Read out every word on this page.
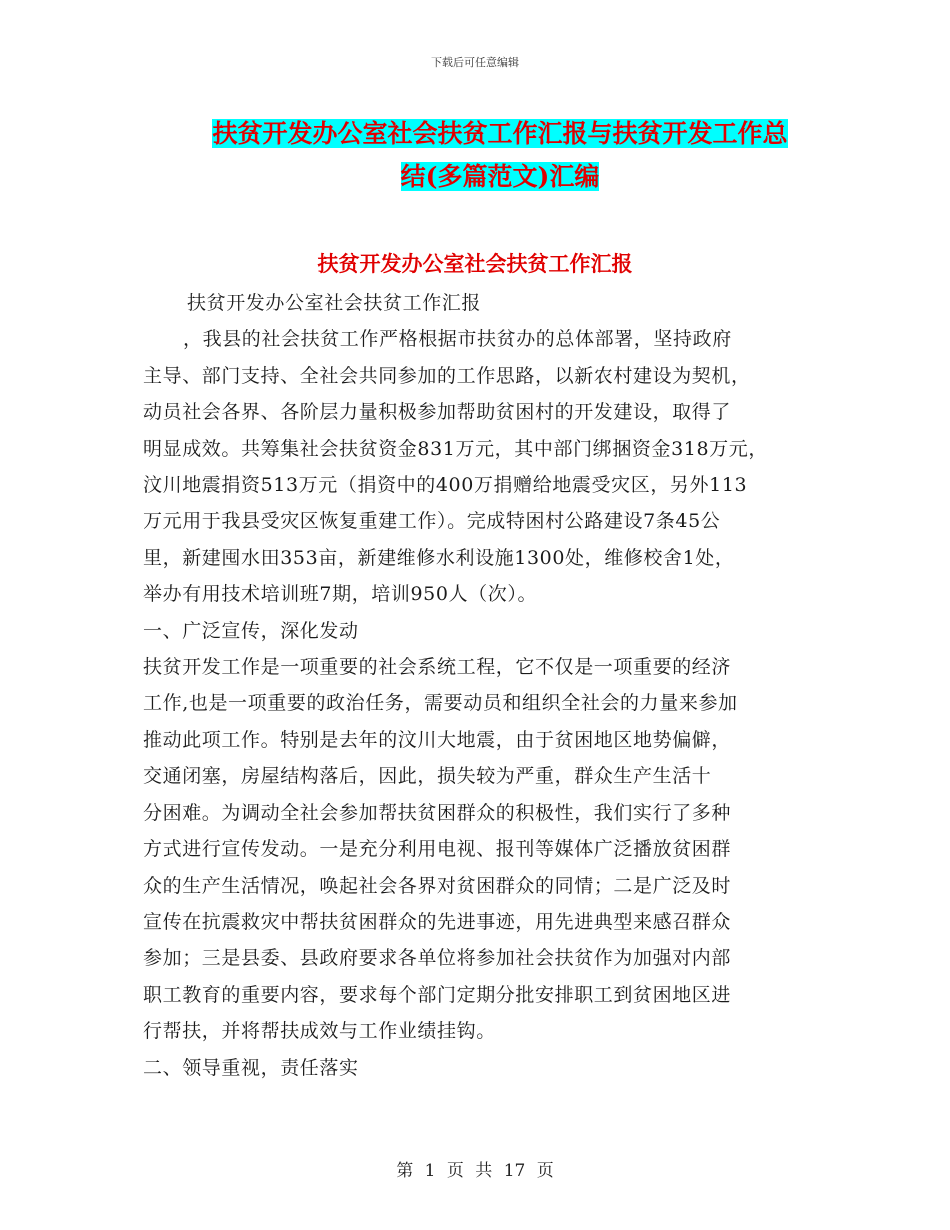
下载后可任意编辑
扶贫开发办公室社会扶贫工作汇报与扶贫开发工作总
结(多篇范文)汇编
扶贫开发办公室社会扶贫工作汇报
扶贫开发办公室社会扶贫工作汇报
，我县的社会扶贫工作严格根据市扶贫办的总体部署，坚持政府
主导、部门支持、全社会共同参加的工作思路，以新农村建设为契机，
动员社会各界、各阶层力量积极参加帮助贫困村的开发建设，取得了
明显成效。共筹集社会扶贫资金831万元，其中部门绑捆资金318万元，
汶川地震捐资513万元（捐资中的400万捐赠给地震受灾区，另外113
万元用于我县受灾区恢复重建工作）。完成特困村公路建设7条45公
里，新建囤水田353亩，新建维修水利设施1300处，维修校舍1处，
举办有用技术培训班7期，培训950人（次）。
一、广泛宣传，深化发动
扶贫开发工作是一项重要的社会系统工程，它不仅是一项重要的经济
工作,也是一项重要的政治任务，需要动员和组织全社会的力量来参加
推动此项工作。特别是去年的汶川大地震，由于贫困地区地势偏僻，
交通闭塞，房屋结构落后，因此，损失较为严重，群众生产生活十
分困难。为调动全社会参加帮扶贫困群众的积极性，我们实行了多种
方式进行宣传发动。一是充分利用电视、报刊等媒体广泛播放贫困群
众的生产生活情况，唤起社会各界对贫困群众的同情；二是广泛及时
宣传在抗震救灾中帮扶贫困群众的先进事迹，用先进典型来感召群众
参加；三是县委、县政府要求各单位将参加社会扶贫作为加强对内部
职工教育的重要内容，要求每个部门定期分批安排职工到贫困地区进
行帮扶，并将帮扶成效与工作业绩挂钩。
二、领导重视，责任落实
第 1 页 共 17 页
